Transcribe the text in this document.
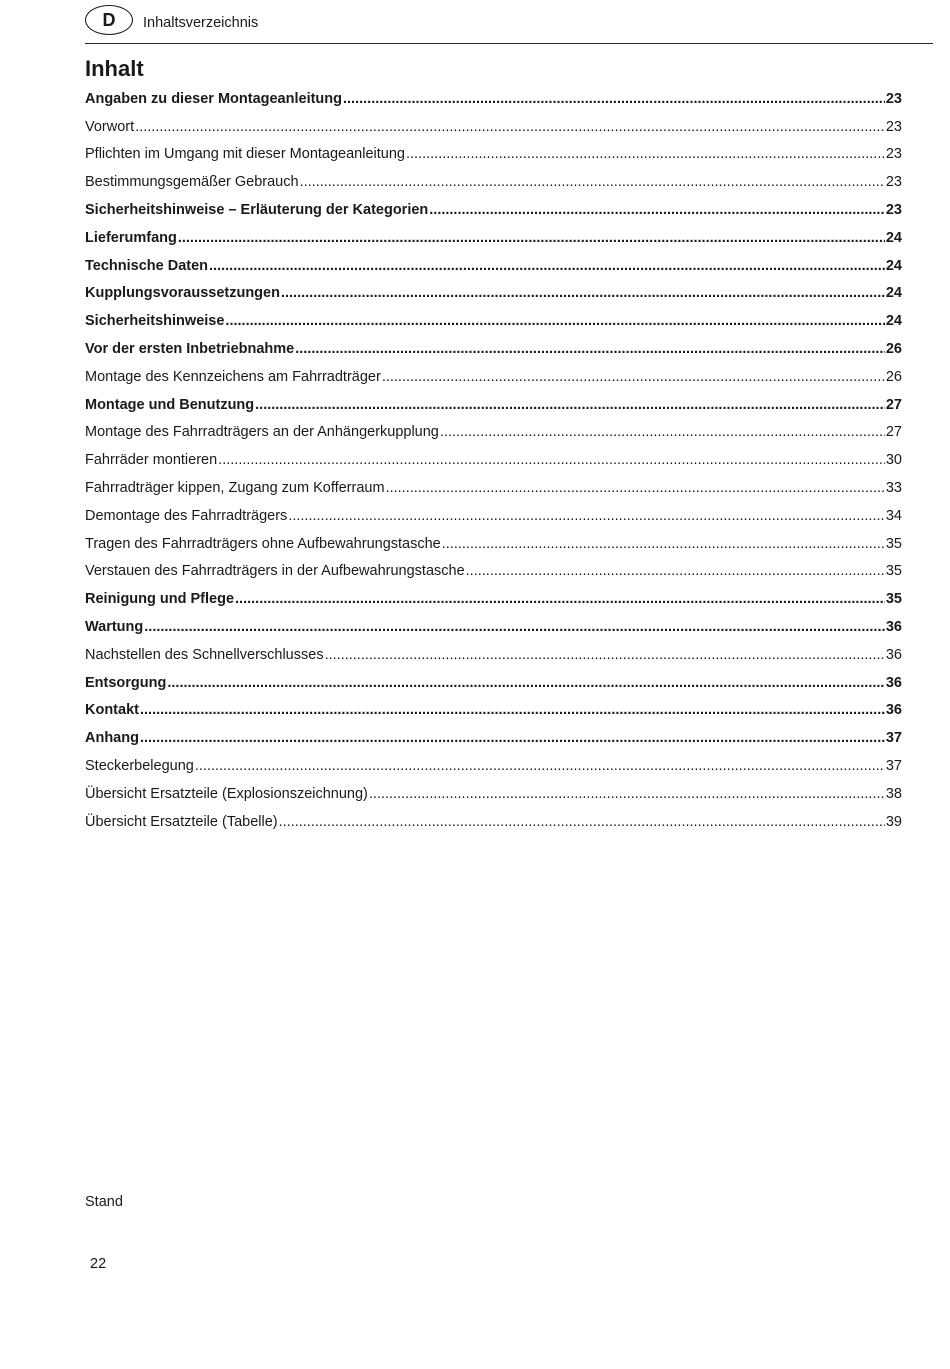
D	Inhaltsverzeichnis
Inhalt
Angaben zu dieser Montageanleitung .....	23
Vorwort .....	23
Pflichten im Umgang mit dieser Montageanleitung .....	23
Bestimmungsgemäßer Gebrauch .....	23
Sicherheitshinweise – Erläuterung der Kategorien .....	23
Lieferumfang .....	24
Technische Daten .....	24
Kupplungsvoraussetzungen .....	24
Sicherheitshinweise .....	24
Vor der ersten Inbetriebnahme .....	26
Montage des Kennzeichens am Fahrradträger .....	26
Montage und Benutzung .....	27
Montage des Fahrradträgers an der Anhängerkupplung .....	27
Fahrräder montieren .....	30
Fahrradträger kippen, Zugang zum Kofferraum .....	33
Demontage des Fahrradträgers .....	34
Tragen des Fahrradträgers ohne Aufbewahrungstasche .....	35
Verstauen des Fahrradträgers in der Aufbewahrungstasche .....	35
Reinigung und Pflege .....	35
Wartung .....	36
Nachstellen des Schnellverschlusses .....	36
Entsorgung .....	36
Kontakt .....	36
Anhang .....	37
Steckerbelegung .....	37
Übersicht Ersatzteile (Explosionszeichnung) .....	38
Übersicht Ersatzteile (Tabelle) .....	39
Stand
22
